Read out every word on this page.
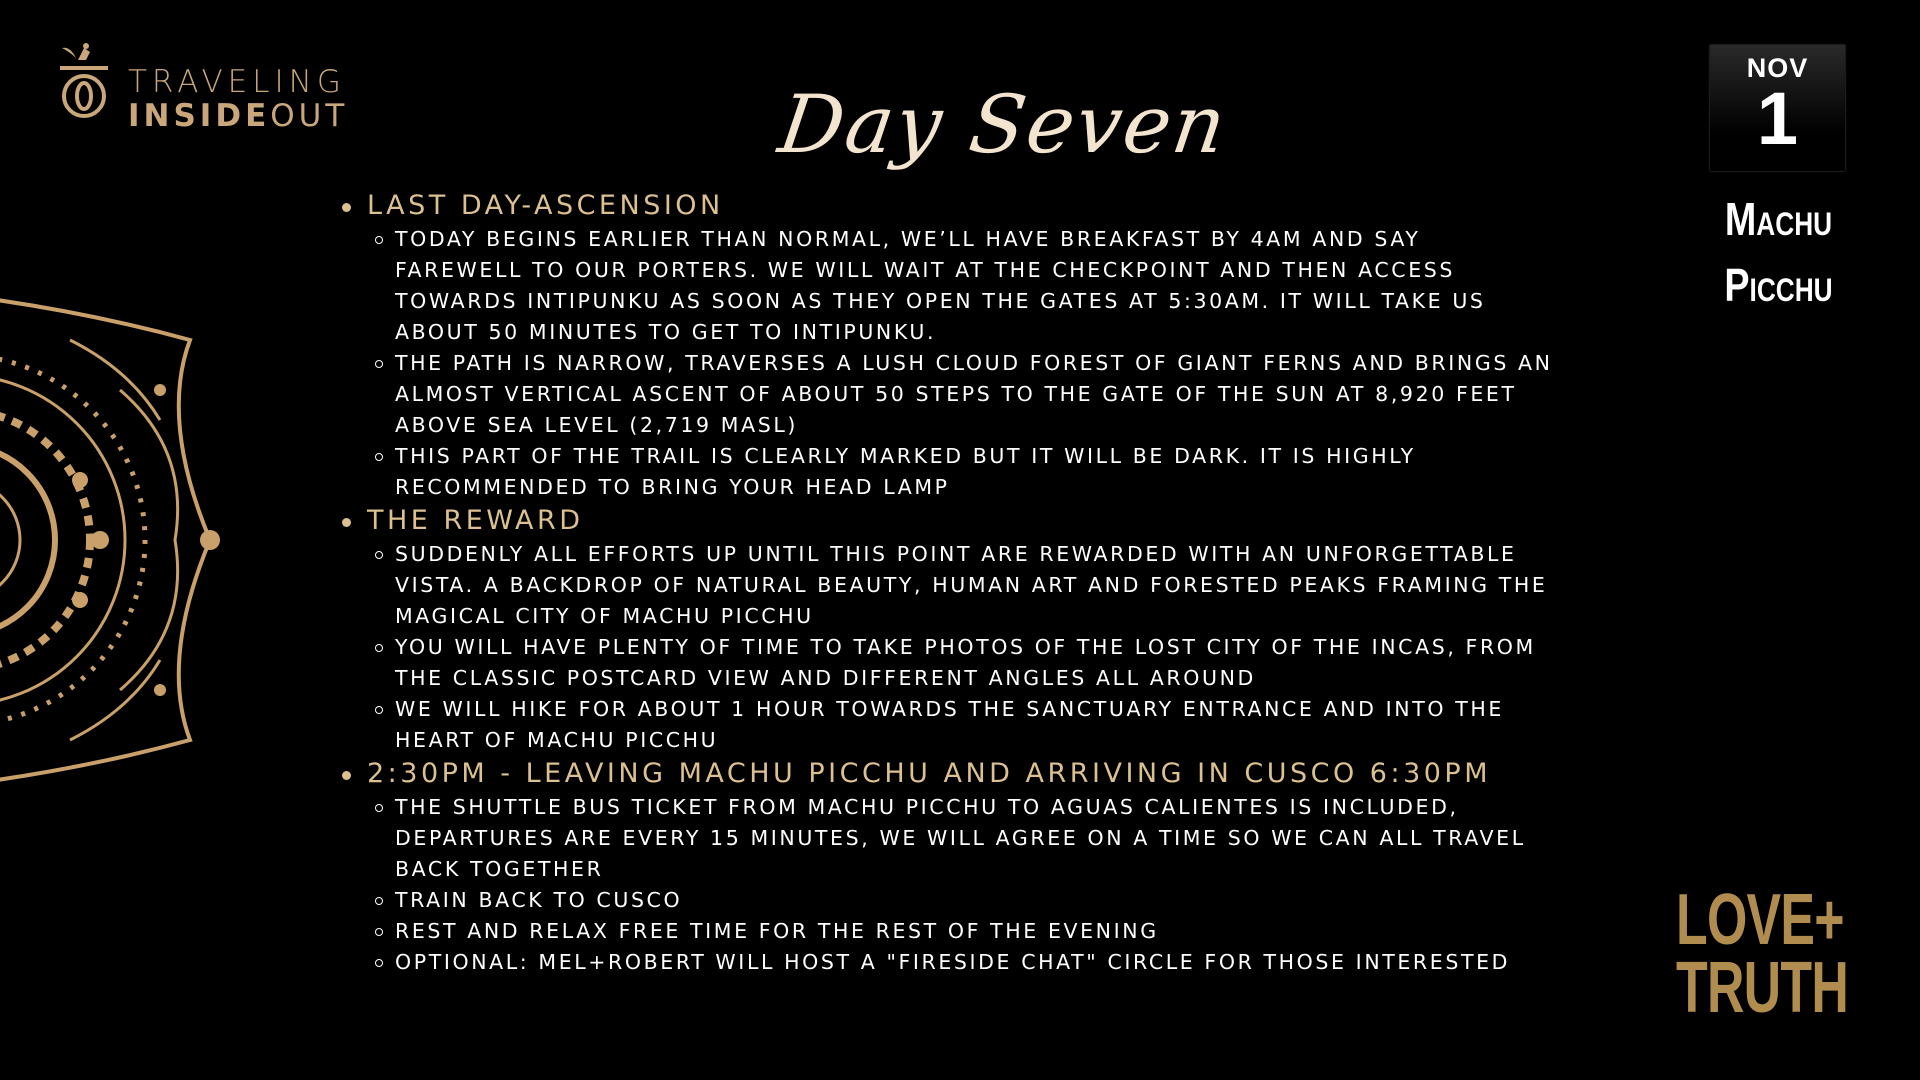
TRAVELING
INSIDEOUT	Day Seven
NOV
1
Machu
Picchu
LAST DAY-ASCENSION
TODAY BEGINS EARLIER THAN NORMAL, WE’LL HAVE BREAKFAST BY 4AM AND SAY
FAREWELL TO OUR PORTERS. WE WILL WAIT AT THE CHECKPOINT AND THEN ACCESS
TOWARDS INTIPUNKU AS SOON AS THEY OPEN THE GATES AT 5:30AM. IT WILL TAKE US
ABOUT 50 MINUTES TO GET TO INTIPUNKU.
THE PATH IS NARROW, TRAVERSES A LUSH CLOUD FOREST OF GIANT FERNS AND BRINGS AN
ALMOST VERTICAL ASCENT OF ABOUT 50 STEPS TO THE GATE OF THE SUN AT 8,920 FEET
ABOVE SEA LEVEL (2,719 MASL)
THIS PART OF THE TRAIL IS CLEARLY MARKED BUT IT WILL BE DARK. IT IS HIGHLY
RECOMMENDED TO BRING YOUR HEAD LAMP
THE REWARD
SUDDENLY ALL EFFORTS UP UNTIL THIS POINT ARE REWARDED WITH AN UNFORGETTABLE
VISTA. A BACKDROP OF NATURAL BEAUTY, HUMAN ART AND FORESTED PEAKS FRAMING THE
MAGICAL CITY OF MACHU PICCHU
YOU WILL HAVE PLENTY OF TIME TO TAKE PHOTOS OF THE LOST CITY OF THE INCAS, FROM
THE CLASSIC POSTCARD VIEW AND DIFFERENT ANGLES ALL AROUND
WE WILL HIKE FOR ABOUT 1 HOUR TOWARDS THE SANCTUARY ENTRANCE AND INTO THE
HEART OF MACHU PICCHU
2:30PM - LEAVING MACHU PICCHU AND ARRIVING IN CUSCO 6:30PM
THE SHUTTLE BUS TICKET FROM MACHU PICCHU TO AGUAS CALIENTES IS INCLUDED,
DEPARTURES ARE EVERY 15 MINUTES, WE WILL AGREE ON A TIME SO WE CAN ALL TRAVEL
BACK TOGETHER
TRAIN BACK TO CUSCO
REST AND RELAX FREE TIME FOR THE REST OF THE EVENING
OPTIONAL: MEL+ROBERT WILL HOST A "FIRESIDE CHAT" CIRCLE FOR THOSE INTERESTED
LOVE+
TRUTH
